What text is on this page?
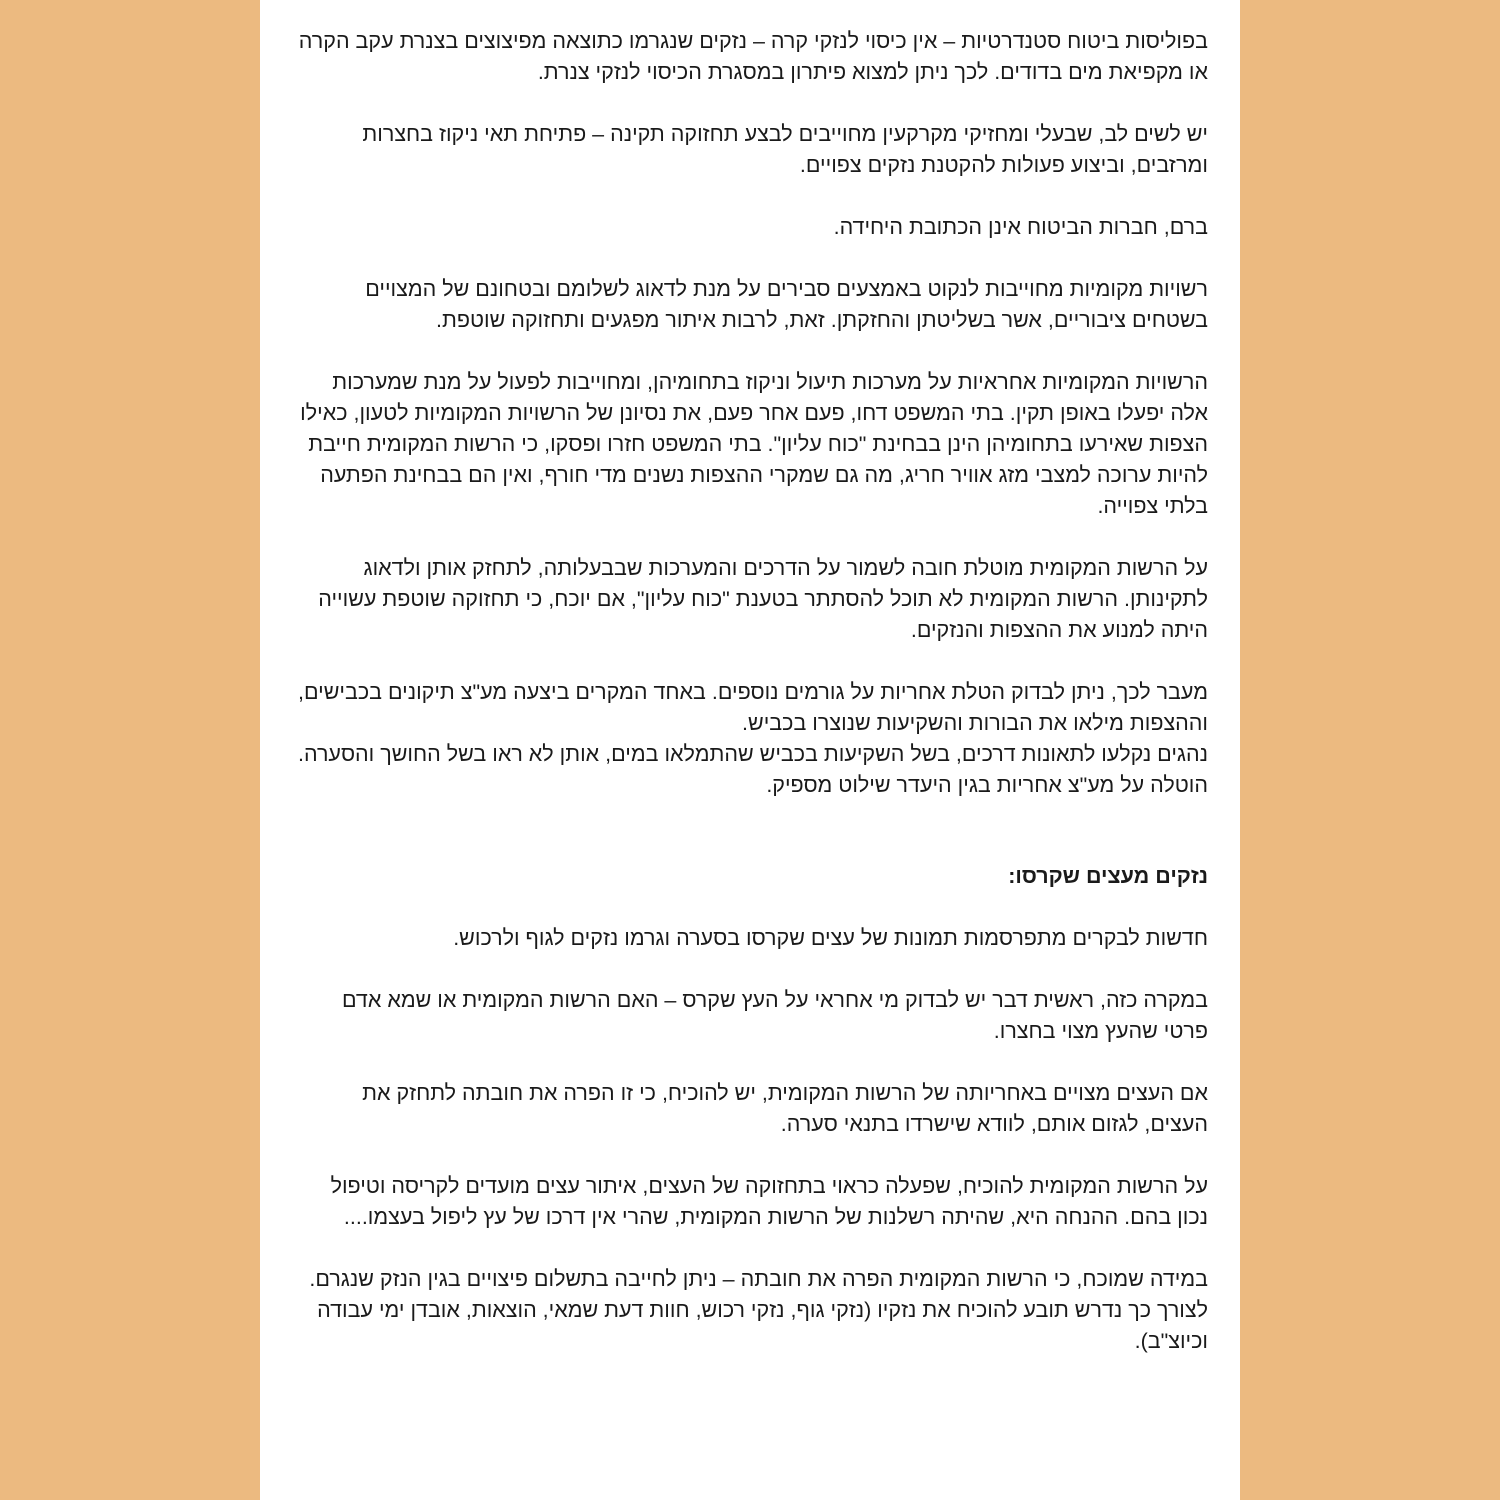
בפוליסות ביטוח סטנדרטיות – אין כיסוי לנזקי קרה – נזקים שנגרמו כתוצאה מפיצוצים בצנרת עקב הקרה או מקפיאת מים בדודים. לכך ניתן למצוא פיתרון במסגרת הכיסוי לנזקי צנרת.

יש לשים לב, שבעלי ומחזיקי מקרקעין מחוייבים לבצע תחזוקה תקינה – פתיחת תאי ניקוז בחצרות ומרזבים, וביצוע פעולות להקטנת נזקים צפויים.

ברם, חברות הביטוח אינן הכתובת היחידה.

רשויות מקומיות מחוייבות לנקוט באמצעים סבירים על מנת לדאוג לשלומם ובטחונם של המצויים בשטחים ציבוריים, אשר בשליטתן והחזקתן. זאת, לרבות איתור מפגעים ותחזוקה שוטפת.

הרשויות המקומיות אחראיות על מערכות תיעול וניקוז בתחומיהן, ומחוייבות לפעול על מנת שמערכות אלה יפעלו באופן תקין. בתי המשפט דחו, פעם אחר פעם, את נסיונן של הרשויות המקומיות לטעון, כאילו הצפות שאירעו בתחומיהן הינן בבחינת "כוח עליון". בתי המשפט חזרו ופסקו, כי הרשות המקומית חייבת להיות ערוכה למצבי מזג אוויר חריג, מה גם שמקרי ההצפות נשנים מדי חורף, ואין הם בבחינת הפתעה בלתי צפוייה.

על הרשות המקומית מוטלת חובה לשמור על הדרכים והמערכות שבבעלותה, לתחזק אותן ולדאוג לתקינותן. הרשות המקומית לא תוכל להסתתר בטענת "כוח עליון", אם יוכח, כי תחזוקה שוטפת עשוייה היתה למנוע את ההצפות והנזקים.

מעבר לכך, ניתן לבדוק הטלת אחריות על גורמים נוספים. באחד המקרים ביצעה מע"צ תיקונים בכבישים, וההצפות מילאו את הבורות והשקיעות שנוצרו בכביש.

נהגים נקלעו לתאונות דרכים, בשל השקיעות בכביש שהתמלאו במים, אותן לא ראו בשל החושך והסערה. הוטלה על מע"צ אחריות בגין היעדר שילוט מספיק.

נזקים מעצים שקרסו:

חדשות לבקרים מתפרסמות תמונות של עצים שקרסו בסערה וגרמו נזקים לגוף ולרכוש.

במקרה כזה, ראשית דבר יש לבדוק מי אחראי על העץ שקרס – האם הרשות המקומית או שמא אדם פרטי שהעץ מצוי בחצרו.

אם העצים מצויים באחריותה של הרשות המקומית, יש להוכיח, כי זו הפרה את חובתה לתחזק את העצים, לגזום אותם, לוודא שישרדו בתנאי סערה.

על הרשות המקומית להוכיח, שפעלה כראוי בתחזוקה של העצים, איתור עצים מועדים לקריסה וטיפול נכון בהם. ההנחה היא, שהיתה רשלנות של הרשות המקומית, שהרי אין דרכו של עץ ליפול בעצמו....

במידה שמוכח, כי הרשות המקומית הפרה את חובתה – ניתן לחייבה בתשלום פיצויים בגין הנזק שנגרם. לצורך כך נדרש תובע להוכיח את נזקיו (נזקי גוף, נזקי רכוש, חוות דעת שמאי, הוצאות, אובדן ימי עבודה וכיוצ"ב).
